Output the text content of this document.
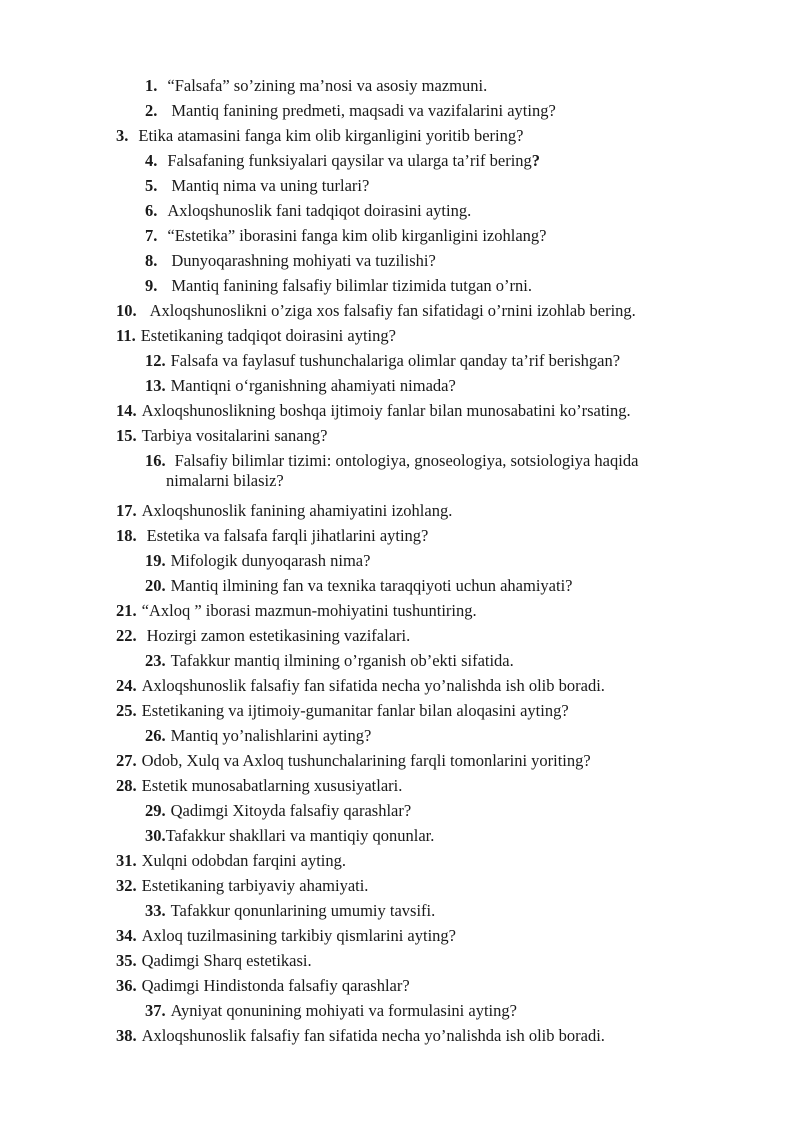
1. “Falsafa” so’zining ma’nosi va asosiy mazmuni.
2. Mantiq fanining predmeti, maqsadi va vazifalarini ayting?
3. Etika atamasini fanga kim olib kirganligini yoritib bering?
4. Falsafaning funksiyalari qaysilar va ularga ta’rif bering?
5. Mantiq nima va uning turlari?
6. Axloqshunoslik fani tadqiqot doirasini ayting.
7. “Estetika” iborasini fanga kim olib kirganligini izohlang?
8. Dunyoqarashning mohiyati va tuzilishi?
9. Mantiq fanining falsafiy bilimlar tizimida tutgan o’rni.
10. Axloqshunoslikni o’ziga xos falsafiy fan sifatidagi o’rnini izohlab bering.
11. Estetikaning tadqiqot doirasini ayting?
12. Falsafa va faylasuf tushunchalariga olimlar qanday ta’rif berishgan?
13. Mantiqni o‘rganishning ahamiyati nimada?
14. Axloqshunoslikning boshqa ijtimoiy fanlar bilan munosabatini ko’rsating.
15. Tarbiya vositalarini sanang?
16. Falsafiy bilimlar tizimi: ontologiya, gnoseologiya, sotsiologiya haqida
nimalarni bilasiz?
17. Axloqshunoslik fanining ahamiyatini izohlang.
18. Estetika va falsafa farqli jihatlarini ayting?
19. Mifologik dunyoqarash nima?
20. Mantiq ilmining fan va texnika taraqqiyoti uchun ahamiyati?
21. “Axloq ” iborasi mazmun-mohiyatini tushuntiring.
22. Hozirgi zamon estetikasining vazifalari.
23. Tafakkur mantiq ilmining o’rganish ob’ekti sifatida.
24. Axloqshunoslik falsafiy fan sifatida necha yo’nalishda ish olib boradi.
25. Estetikaning va ijtimoiy-gumanitar fanlar bilan aloqasini ayting?
26. Mantiq yo’nalishlarini ayting?
27. Odob, Xulq va Axloq tushunchalarining farqli tomonlarini yoriting?
28. Estetik munosabatlarning xususiyatlari.
29. Qadimgi Xitoyda falsafiy qarashlar?
30.Tafakkur shakllari va mantiqiy qonunlar.
31. Xulqni odobdan farqini ayting.
32. Estetikaning tarbiyaviy ahamiyati.
33. Tafakkur qonunlarining umumiy tavsifi.
34. Axloq tuzilmasining tarkibiy qismlarini ayting?
35. Qadimgi Sharq estetikasi.
36. Qadimgi Hindistonda falsafiy qarashlar?
37. Ayniyat qonunining mohiyati va formulasini ayting?
38. Axloqshunoslik falsafiy fan sifatida necha yo’nalishda ish olib boradi.
